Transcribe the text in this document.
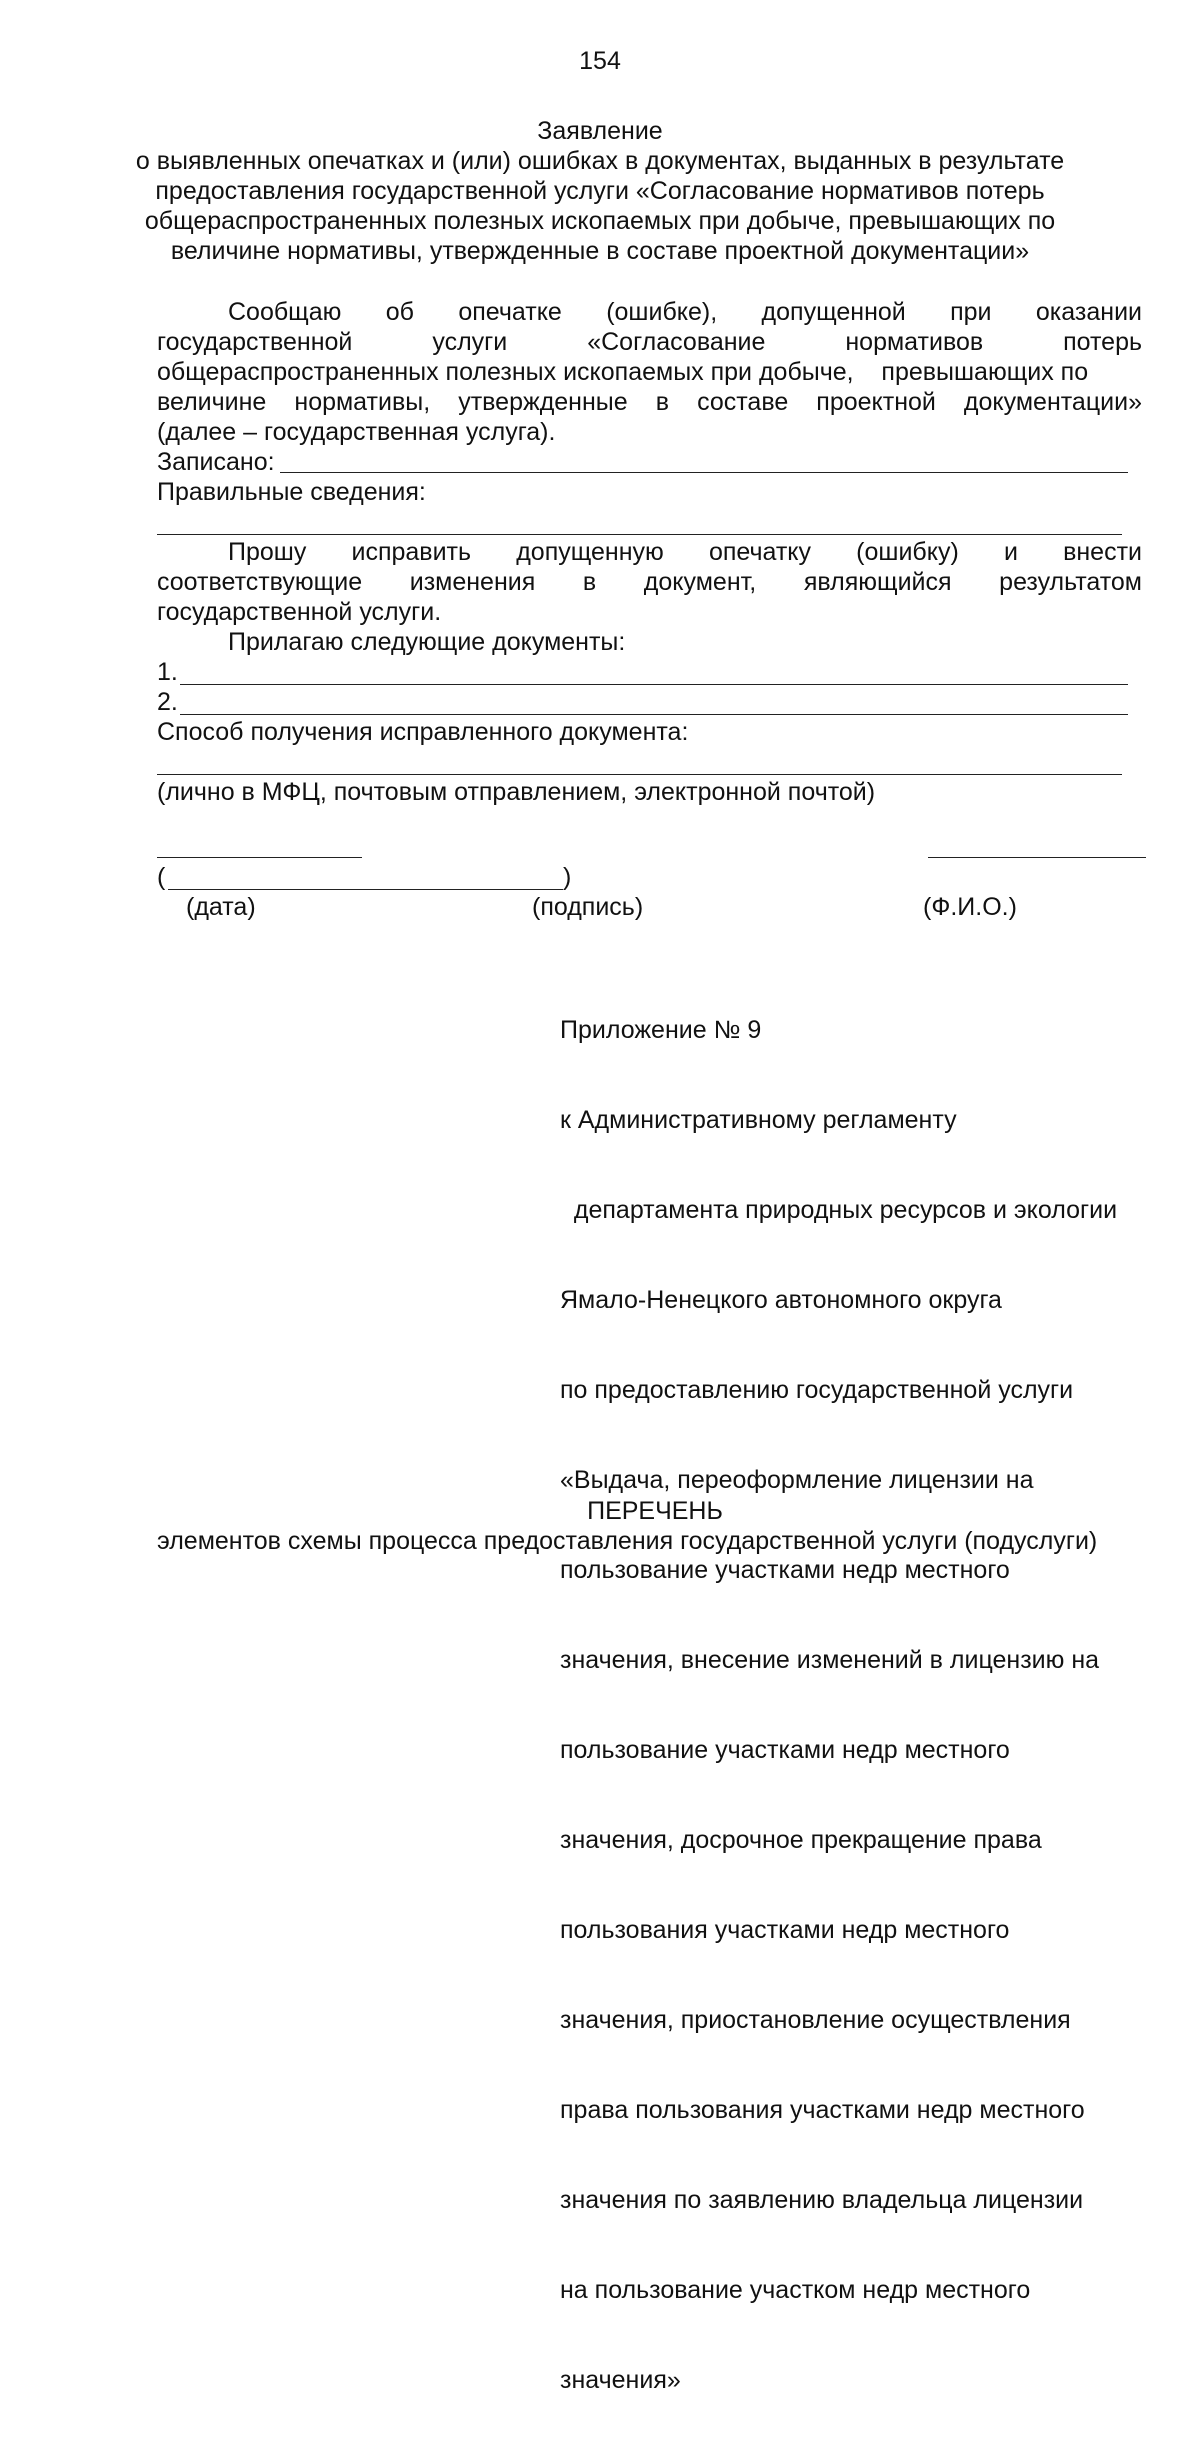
154
Заявление
о выявленных опечатках и (или) ошибках в документах, выданных в результате
предоставления государственной услуги «Согласование нормативов потерь
общераспространенных полезных ископаемых при добыче, превышающих по
величине нормативы, утвержденные в составе проектной документации»
Сообщаю об опечатке (ошибке), допущенной при оказании
государственной услуги «Согласование нормативов потерь
общераспространенных полезных ископаемых при добыче,    превышающих по
величине нормативы, утвержденные в составе проектной документации»
(далее – государственная услуга).
Записано:
Правильные сведения:
Прошу исправить допущенную опечатку (ошибку) и внести
соответствующие изменения в документ, являющийся результатом
государственной услуги.
Прилагаю следующие документы:
1.
2.
Способ получения исправленного документа:
(лично в МФЦ, почтовым отправлением, электронной почтой)
(	)
(дата)	(подпись)	(Ф.И.О.)

Приложение № 9

к Административному регламенту

департамента природных ресурсов и экологии

Ямало-Ненецкого автономного округа

по предоставлению государственной услуги

«Выдача, переоформление лицензии на

пользование участками недр местного

значения, внесение изменений в лицензию на

пользование участками недр местного

значения, досрочное прекращение права

пользования участками недр местного

значения, приостановление осуществления

права пользования участками недр местного

значения по заявлению владельца лицензии

на пользование участком недр местного

значения»

ПЕРЕЧЕНЬ
элементов схемы процесса предоставления государственной услуги (подуслуги)
